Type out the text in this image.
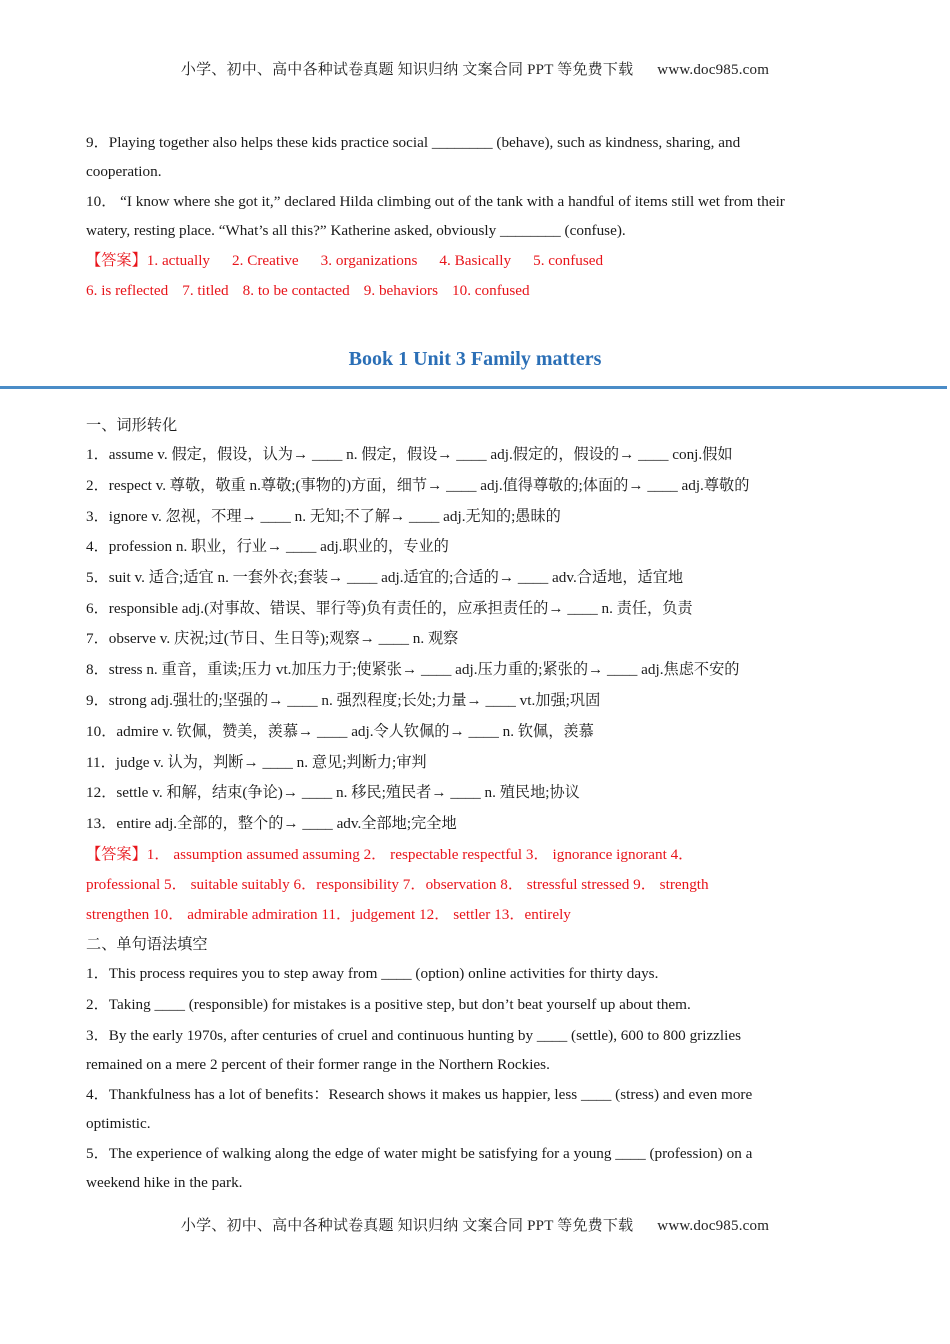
小学、初中、高中各种试卷真题 知识归纳 文案合同 PPT 等免费下载 www.doc985.com
9．Playing together also helps these kids practice social ________ (behave), such as kindness, sharing, and
cooperation.
10． “I know where she got it,” declared Hilda climbing out of the tank with a handful of items still wet from their
watery, resting place. “What’s all this?” Katherine asked, obviously ________ (confuse).
【答案】1. actually 2. Creative 3. organizations 4. Basically 5. confused
6. is reflected 7. titled 8. to be contacted 9. behaviors 10. confused
Book 1 Unit 3 Family matters
一、词形转化
1．assume v. 假定，假设，认为→ ____ n. 假定，假设→ ____ adj.假定的，假设的→ ____ conj.假如
2．respect v. 尊敬，敬重 n.尊敬;(事物的)方面，细节→ ____ adj.值得尊敬的;体面的→ ____ adj.尊敬的
3．ignore v. 忽视，不理→ ____ n. 无知;不了解→ ____ adj.无知的;愚昧的
4．profession n. 职业，行业→ ____ adj.职业的，专业的
5．suit v. 适合;适宜 n. 一套外衣;套装→ ____ adj.适宜的;合适的→ ____ adv.合适地，适宜地
6．responsible adj.(对事故、错误、罪行等)负有责任的，应承担责任的→ ____ n. 责任，负责
7．observe v. 庆祝;过(节日、生日等);观察→ ____ n. 观察
8．stress n. 重音，重读;压力 vt.加压力于;使紧张→ ____ adj.压力重的;紧张的→ ____ adj.焦虑不安的
9．strong adj.强壮的;坚强的→ ____ n. 强烈程度;长处;力量→ ____ vt.加强;巩固
10．admire v. 钦佩，赞美，羡慕→ ____ adj.令人钦佩的→ ____ n. 钦佩，羡慕
11．judge v. 认为，判断→ ____ n. 意见;判断力;审判
12．settle v. 和解，结束(争论)→ ____ n. 移民;殖民者→ ____ n. 殖民地;协议
13．entire adj.全部的，整个的→ ____ adv.全部地;完全地
【答案】1． assumption assumed assuming 2． respectable respectful 3． ignorance ignorant 4．
professional 5． suitable suitably 6．responsibility 7．observation 8． stressful stressed 9． strength
strengthen 10． admirable admiration 11．judgement 12． settler 13．entirely
二、单句语法填空
1．This process requires you to step away from ____ (option) online activities for thirty days.
2．Taking ____ (responsible) for mistakes is a positive step, but don’t beat yourself up about them.
3．By the early 1970s, after centuries of cruel and continuous hunting by ____ (settle), 600 to 800 grizzlies
remained on a mere 2 percent of their former range in the Northern Rockies.
4．Thankfulness has a lot of benefits：Research shows it makes us happier, less ____ (stress) and even more
optimistic.
5．The experience of walking along the edge of water might be satisfying for a young ____ (profession) on a
weekend hike in the park.
小学、初中、高中各种试卷真题 知识归纳 文案合同 PPT 等免费下载 www.doc985.com
